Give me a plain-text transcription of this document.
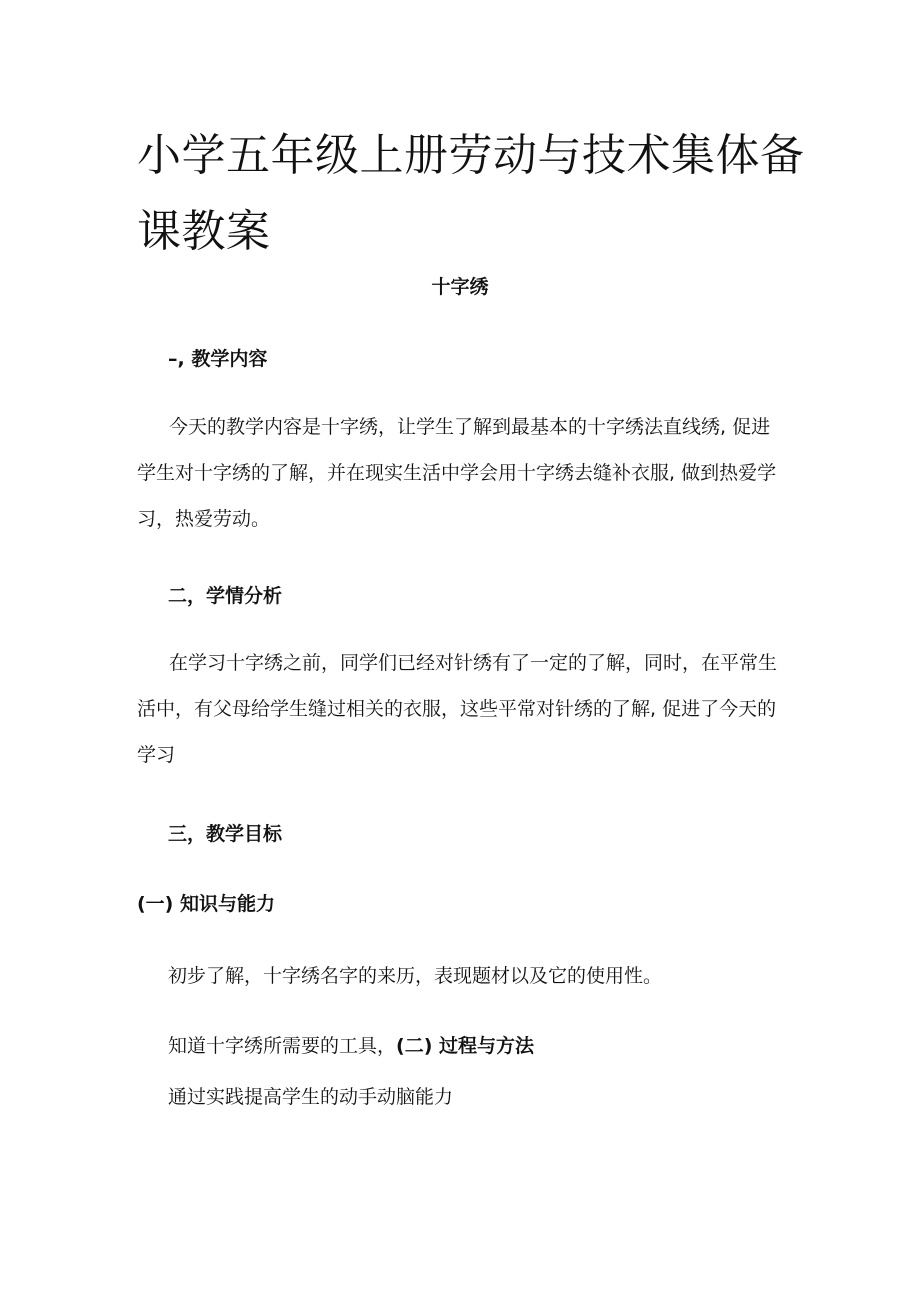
小学五年级上册劳动与技术集体备课教案

十字绣

–, 教学内容

今天的教学内容是十字绣，让学生了解到最基本的十字绣法直线绣, 促进学生对十字绣的了解，并在现实生活中学会用十字绣去缝补衣服, 做到热爱学习，热爱劳动。

二，学情分析

在学习十字绣之前，同学们已经对针绣有了一定的了解，同时，在平常生活中，有父母给学生缝过相关的衣服，这些平常对针绣的了解, 促进了今天的学习

三，教学目标

(一) 知识与能力

初步了解，十字绣名字的来历，表现题材以及它的使用性。

知道十字绣所需要的工具，(二) 过程与方法

通过实践提高学生的动手动脑能力
